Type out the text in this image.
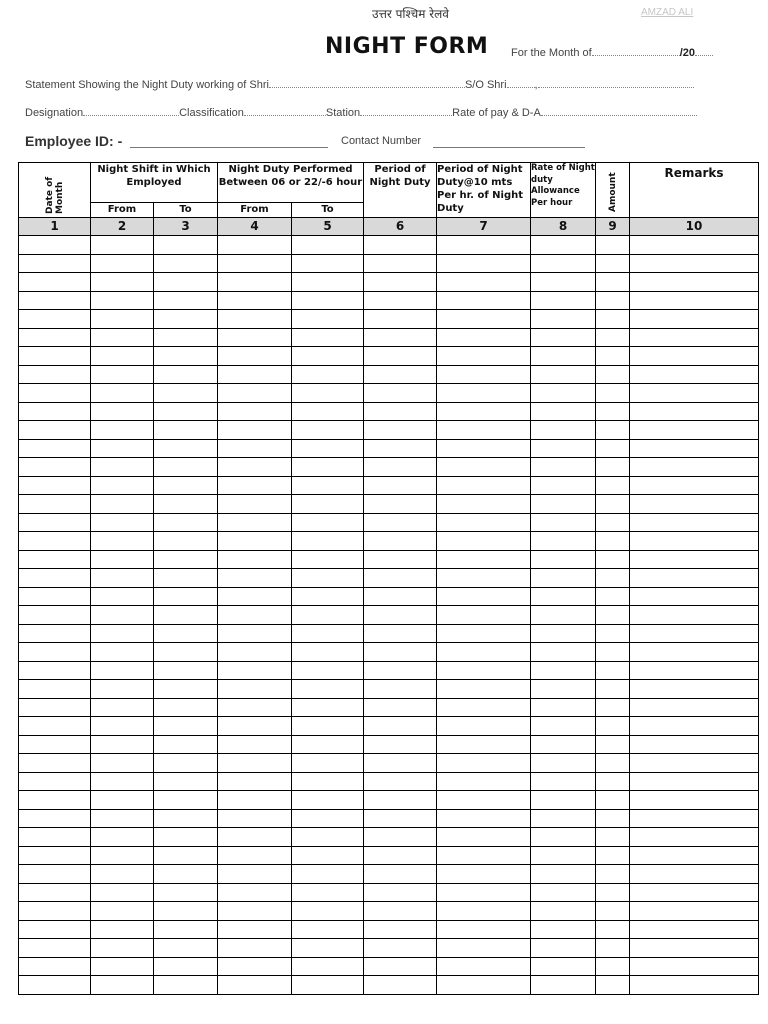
उत्तर पश्चिम रेलवे	AMZAD ALI
NIGHT FORM For the Month of	/20
Statement Showing the Night Duty working of Shri	S/O Shri	,
Designation	Classification	Station	Rate of pay & D-A
Employee ID: -	Contact Number
Date of Month	Night Shift in Which Employed		Night Duty Performed Between 06 or 22/-6 hour		Period of Night Duty	Period of Night Duty@10 mts Per hr. of Night Duty	Rate of Night duty Allowance Per hour	Amount	Remarks
	From	To	From	To					
1	2	3	4	5	6	7	8	9	10
